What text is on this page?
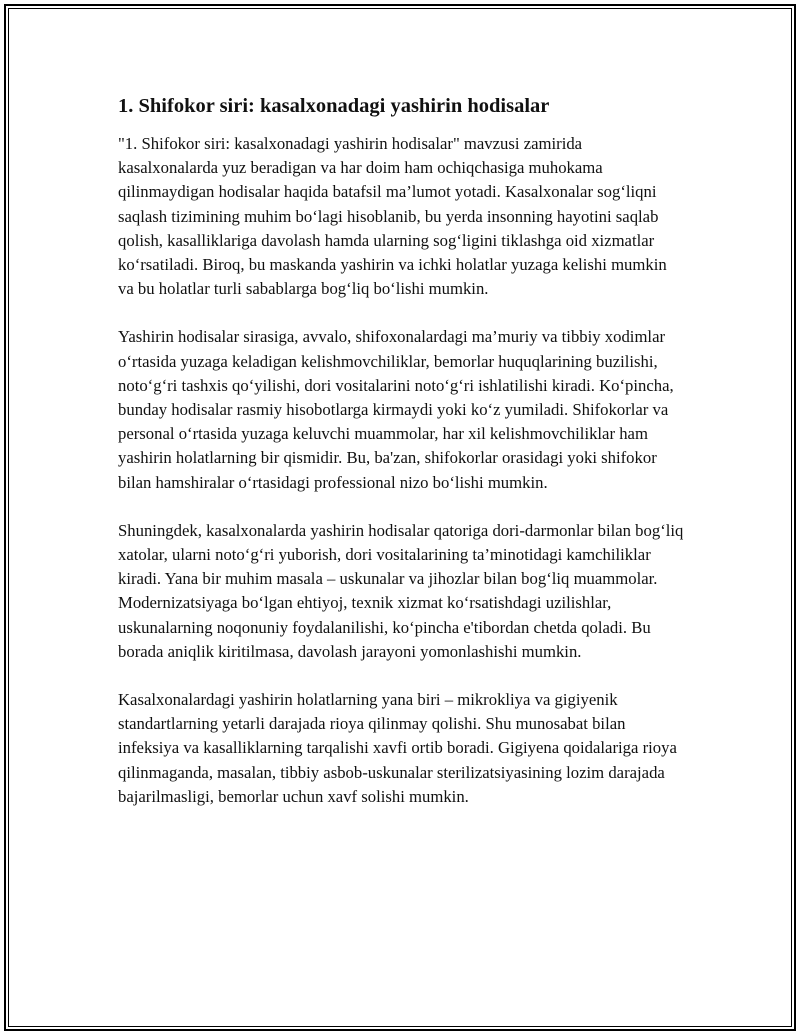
1. Shifokor siri: kasalxonadagi yashirin hodisalar

"1. Shifokor siri: kasalxonadagi yashirin hodisalar" mavzusi zamirida kasalxonalarda yuz beradigan va har doim ham ochiqchasiga muhokama qilinmaydigan hodisalar haqida batafsil ma’lumot yotadi. Kasalxonalar sog‘liqni saqlash tizimining muhim bo‘lagi hisoblanib, bu yerda insonning hayotini saqlab qolish, kasalliklariga davolash hamda ularning sog‘ligini tiklashga oid xizmatlar ko‘rsatiladi. Biroq, bu maskanda yashirin va ichki holatlar yuzaga kelishi mumkin va bu holatlar turli sabablarga bog‘liq bo‘lishi mumkin.

Yashirin hodisalar sirasiga, avvalo, shifoxonalardagi ma’muriy va tibbiy xodimlar o‘rtasida yuzaga keladigan kelishmovchiliklar, bemorlar huquqlarining buzilishi, noto‘g‘ri tashxis qo‘yilishi, dori vositalarini noto‘g‘ri ishlatilishi kiradi. Ko‘pincha, bunday hodisalar rasmiy hisobotlarga kirmaydi yoki ko‘z yumiladi. Shifokorlar va personal o‘rtasida yuzaga keluvchi muammolar, har xil kelishmovchiliklar ham yashirin holatlarning bir qismidir. Bu, ba'zan, shifokorlar orasidagi yoki shifokor bilan hamshiralar o‘rtasidagi professional nizo bo‘lishi mumkin.

Shuningdek, kasalxonalarda yashirin hodisalar qatoriga dori-darmonlar bilan bog‘liq xatolar, ularni noto‘g‘ri yuborish, dori vositalarining ta’minotidagi kamchiliklar kiradi. Yana bir muhim masala – uskunalar va jihozlar bilan bog‘liq muammolar. Modernizatsiyaga bo‘lgan ehtiyoj, texnik xizmat ko‘rsatishdagi uzilishlar, uskunalarning noqonuniy foydalanilishi, ko‘pincha e'tibordan chetda qoladi. Bu borada aniqlik kiritilmasa, davolash jarayoni yomonlashishi mumkin.

Kasalxonalardagi yashirin holatlarning yana biri – mikrokliya va gigiyenik standartlarning yetarli darajada rioya qilinmay qolishi. Shu munosabat bilan infeksiya va kasalliklarning tarqalishi xavfi ortib boradi. Gigiyena qoidalariga rioya qilinmaganda, masalan, tibbiy asbob-uskunalar sterilizatsiyasining lozim darajada bajarilmasligi, bemorlar uchun xavf solishi mumkin.
